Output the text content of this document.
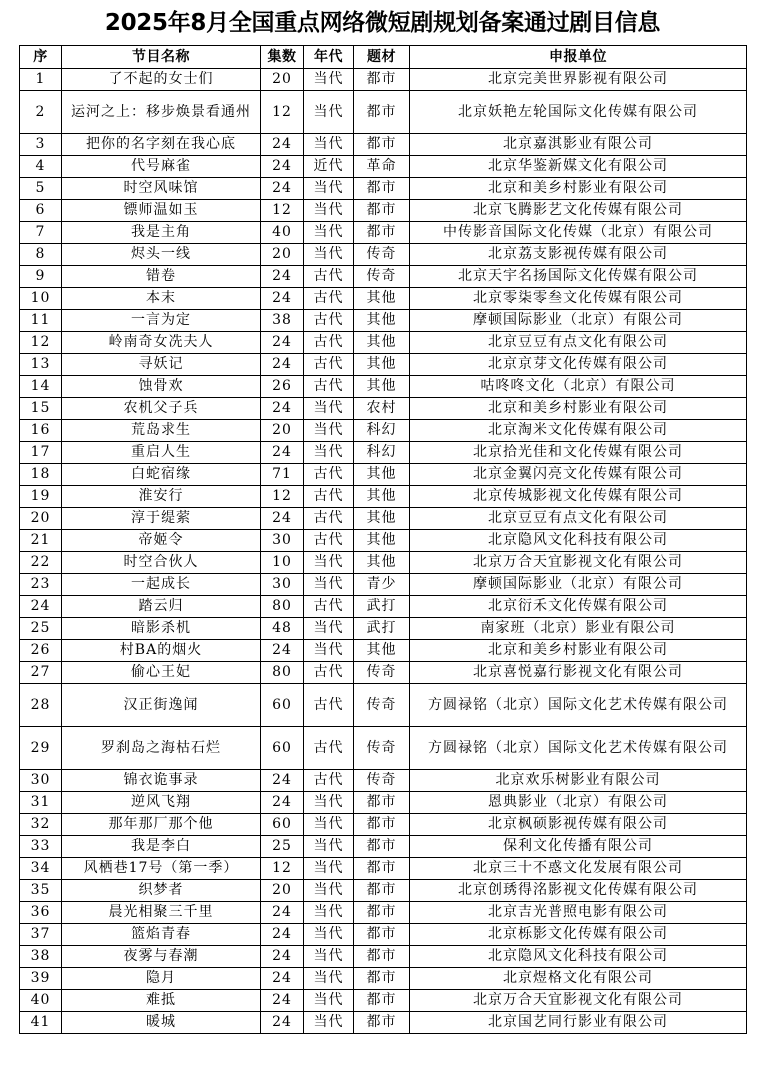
2025年8月全国重点网络微短剧规划备案通过剧目信息
序	节目名称	集数	年代	题材	申报单位
1	了不起的女士们	20	当代	都市	北京完美世界影视有限公司
2	运河之上：移步焕景看通州	12	当代	都市	北京妖艳左轮国际文化传媒有限公司
3	把你的名字刻在我心底	24	当代	都市	北京嘉淇影业有限公司
4	代号麻雀	24	近代	革命	北京华鉴新媒文化有限公司
5	时空风味馆	24	当代	都市	北京和美乡村影业有限公司
6	镖师温如玉	12	当代	都市	北京飞腾影艺文化传媒有限公司
7	我是主角	40	当代	都市	中传影音国际文化传媒（北京）有限公司
8	烬头一线	20	当代	传奇	北京荔支影视传媒有限公司
9	错卷	24	古代	传奇	北京天宇名扬国际文化传媒有限公司
10	本末	24	古代	其他	北京零柒零叁文化传媒有限公司
11	一言为定	38	古代	其他	摩顿国际影业（北京）有限公司
12	岭南奇女冼夫人	24	古代	其他	北京豆豆有点文化有限公司
13	寻妖记	24	古代	其他	北京京芽文化传媒有限公司
14	蚀骨欢	26	古代	其他	咕咚咚文化（北京）有限公司
15	农机父子兵	24	当代	农村	北京和美乡村影业有限公司
16	荒岛求生	20	当代	科幻	北京淘米文化传媒有限公司
17	重启人生	24	当代	科幻	北京拾光佳和文化传媒有限公司
18	白蛇宿缘	71	古代	其他	北京金翼闪亮文化传媒有限公司
19	淮安行	12	古代	其他	北京传城影视文化传媒有限公司
20	淳于缇萦	24	古代	其他	北京豆豆有点文化有限公司
21	帝姬令	30	古代	其他	北京隐风文化科技有限公司
22	时空合伙人	10	当代	其他	北京万合天宜影视文化有限公司
23	一起成长	30	当代	青少	摩顿国际影业（北京）有限公司
24	踏云归	80	古代	武打	北京衍禾文化传媒有限公司
25	暗影杀机	48	当代	武打	南家班（北京）影业有限公司
26	村BA的烟火	24	当代	其他	北京和美乡村影业有限公司
27	偷心王妃	80	古代	传奇	北京喜悦嘉行影视文化有限公司
28	汉正街逸闻	60	古代	传奇	方圆禄铭（北京）国际文化艺术传媒有限公司
29	罗刹岛之海枯石烂	60	古代	传奇	方圆禄铭（北京）国际文化艺术传媒有限公司
30	锦衣诡事录	24	古代	传奇	北京欢乐树影业有限公司
31	逆风飞翔	24	当代	都市	恩典影业（北京）有限公司
32	那年那厂那个他	60	当代	都市	北京枫硕影视传媒有限公司
33	我是李白	25	当代	都市	保利文化传播有限公司
34	风栖巷17号（第一季）	12	当代	都市	北京三十不惑文化发展有限公司
35	织梦者	20	当代	都市	北京创琇得洺影视文化传媒有限公司
36	晨光相聚三千里	24	当代	都市	北京吉光普照电影有限公司
37	篮焰青春	24	当代	都市	北京栎影文化传媒有限公司
38	夜雾与春潮	24	当代	都市	北京隐风文化科技有限公司
39	隐月	24	当代	都市	北京煜格文化有限公司
40	难抵	24	当代	都市	北京万合天宜影视文化有限公司
41	暖城	24	当代	都市	北京国艺同行影业有限公司
